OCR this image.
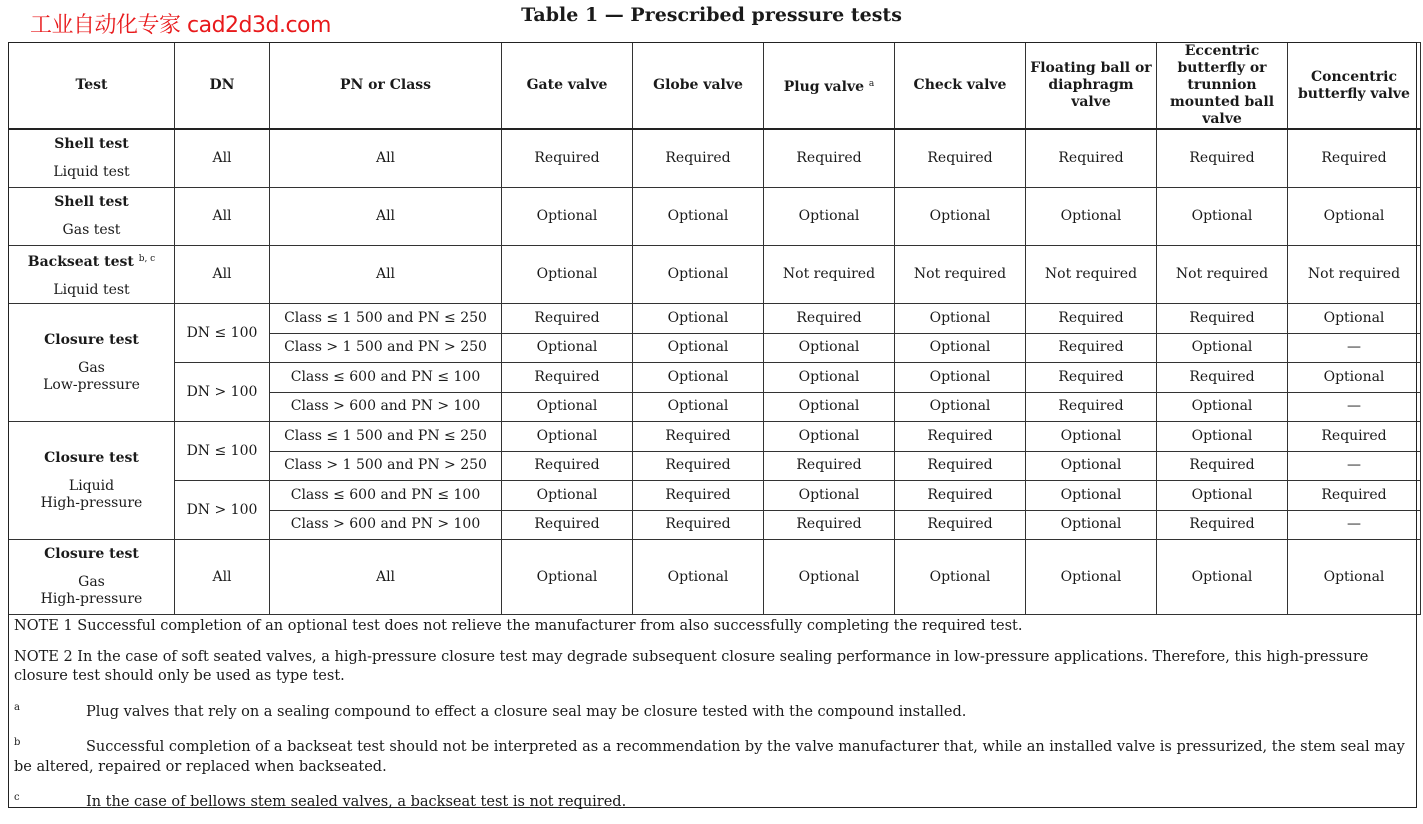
工业自动化专家 cad2d3d.com	Table 1 — Prescribed pressure tests
Test	DN	PN or Class	Gate valve	Globe valve	Plug valve $^a$	Check valve	Floating ball or diaphragm valve	Eccentric butterfly or trunnion mounted ball valve	Concentric butterfly valve

Shell test
Liquid test	All	All	Required	Required	Required	Required	Required	Required	Required

Shell test
Gas test	All	All	Optional	Optional	Optional	Optional	Optional	Optional	Optional

Backseat test $^{b, c}$
Liquid test	All	All	Optional	Optional	Not required	Not required	Not required	Not required	Not required

Closure test
Gas
Low-pressure	DN ≤ 100	Class ≤ 1 500 and PN ≤ 250	Required	Optional	Required	Optional	Required	Required	Optional
		Class > 1 500 and PN > 250	Optional	Optional	Optional	Optional	Required	Optional	—
	DN > 100	Class ≤ 600 and PN ≤ 100	Required	Optional	Optional	Optional	Required	Required	Optional
		Class > 600 and PN > 100	Optional	Optional	Optional	Optional	Required	Optional	—

Closure test
Liquid
High-pressure	DN ≤ 100	Class ≤ 1 500 and PN ≤ 250	Optional	Required	Optional	Required	Optional	Optional	Required
		Class > 1 500 and PN > 250	Required	Required	Required	Required	Optional	Required	—
	DN > 100	Class ≤ 600 and PN ≤ 100	Optional	Required	Optional	Required	Optional	Optional	Required
		Class > 600 and PN > 100	Required	Required	Required	Required	Optional	Required	—

Closure test
Gas
High-pressure	All	All	Optional	Optional	Optional	Optional	Optional	Optional	Optional
NOTE 1 Successful completion of an optional test does not relieve the manufacturer from also successfully completing the required test.
NOTE 2 In the case of soft seated valves, a high-pressure closure test may degrade subsequent closure sealing performance in low-pressure applications. Therefore, this high-pressure closure test should only be used as type test.
a	Plug valves that rely on a sealing compound to effect a closure seal may be closure tested with the compound installed.
b	Successful completion of a backseat test should not be interpreted as a recommendation by the valve manufacturer that, while an installed valve is pressurized, the stem seal may be altered, repaired or replaced when backseated.
c	In the case of bellows stem sealed valves, a backseat test is not required.
